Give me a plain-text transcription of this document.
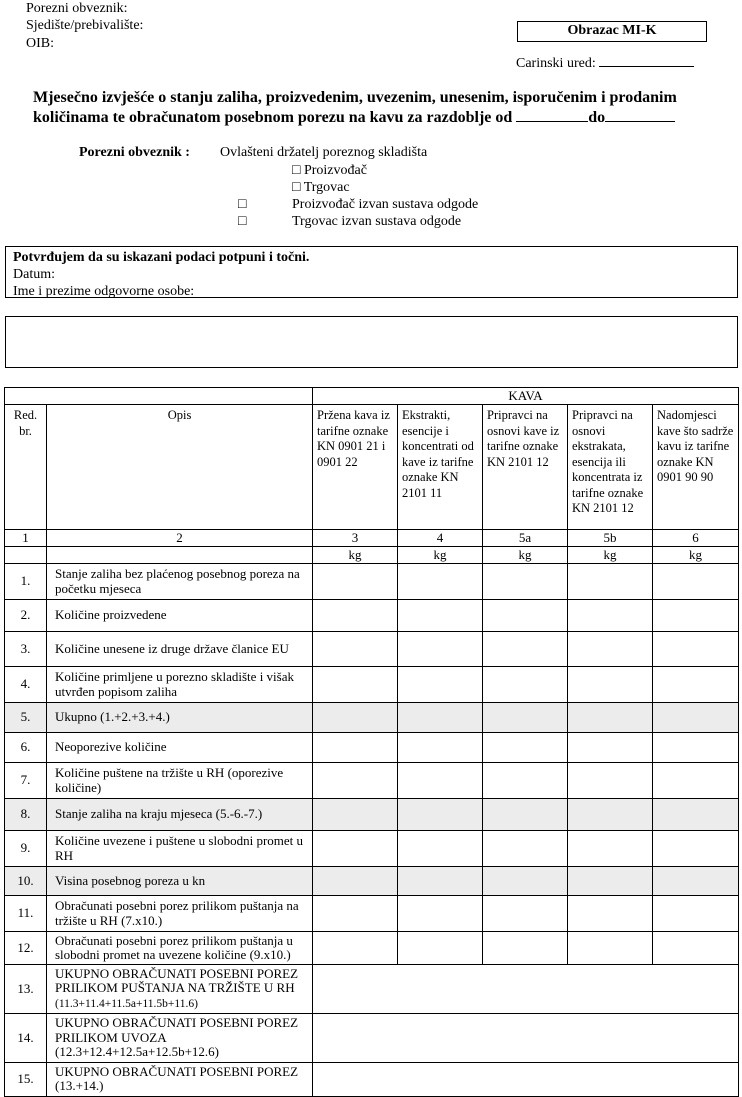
Porezni obveznik:
Sjedište/prebivalište:
OIB:
Obrazac MI-K
Carinski ured:
Mjesečno izvješće o stanju zaliha, proizvedenim, uvezenim, unesenim, isporučenim i prodanim
količinama te obračunatom posebnom porezu na kavu za razdoblje od	do
Porezni obveznik : Ovlašteni držatelj poreznog skladišta
□ Proizvođač
□ Trgovac
□	Proizvođač izvan sustava odgode
□	Trgovac izvan sustava odgode
Potvrđujem da su iskazani podaci potpuni i točni.
Datum:
Ime i prezime odgovorne osobe:
		KAVA				
Red. br.	Opis	Pržena kava iz tarifne oznake KN 0901 21 i 0901 22	Ekstrakti, esencije i koncentrati od kave iz tarifne oznake KN 2101 11	Pripravci na osnovi kave iz tarifne oznake KN 2101 12	Pripravci na osnovi ekstrakata, esencija ili koncentrata iz tarifne oznake KN 2101 12	Nadomjesci kave što sadrže kavu iz tarifne oznake KN 0901 90 90
1	2	3	4	5a	5b	6
		kg	kg	kg	kg	kg
1.	Stanje zaliha bez plaćenog posebnog poreza na početku mjeseca					
2.	Količine proizvedene					
3.	Količine unesene iz druge države članice EU					
4.	Količine primljene u porezno skladište i višak utvrđen popisom zaliha					
5.	Ukupno (1.+2.+3.+4.)					
6.	Neoporezive količine					
7.	Količine puštene na tržište u RH (oporezive količine)					
8.	Stanje zaliha na kraju mjeseca (5.-6.-7.)					
9.	Količine uvezene i puštene u slobodni promet u RH					
10.	Visina posebnog poreza u kn					
11.	Obračunati posebni porez prilikom puštanja na tržište u RH (7.x10.)					
12.	Obračunati posebni porez prilikom puštanja u slobodni promet na uvezene količine (9.x10.)					
13.	UKUPNO OBRAČUNATI POSEBNI POREZ PRILIKOM PUŠTANJA NA TRŽIŠTE U RH (11.3+11.4+11.5a+11.5b+11.6)					
14.	UKUPNO OBRAČUNATI POSEBNI POREZ PRILIKOM UVOZA (12.3+12.4+12.5a+12.5b+12.6)					
15.	UKUPNO OBRAČUNATI POSEBNI POREZ (13.+14.)					
